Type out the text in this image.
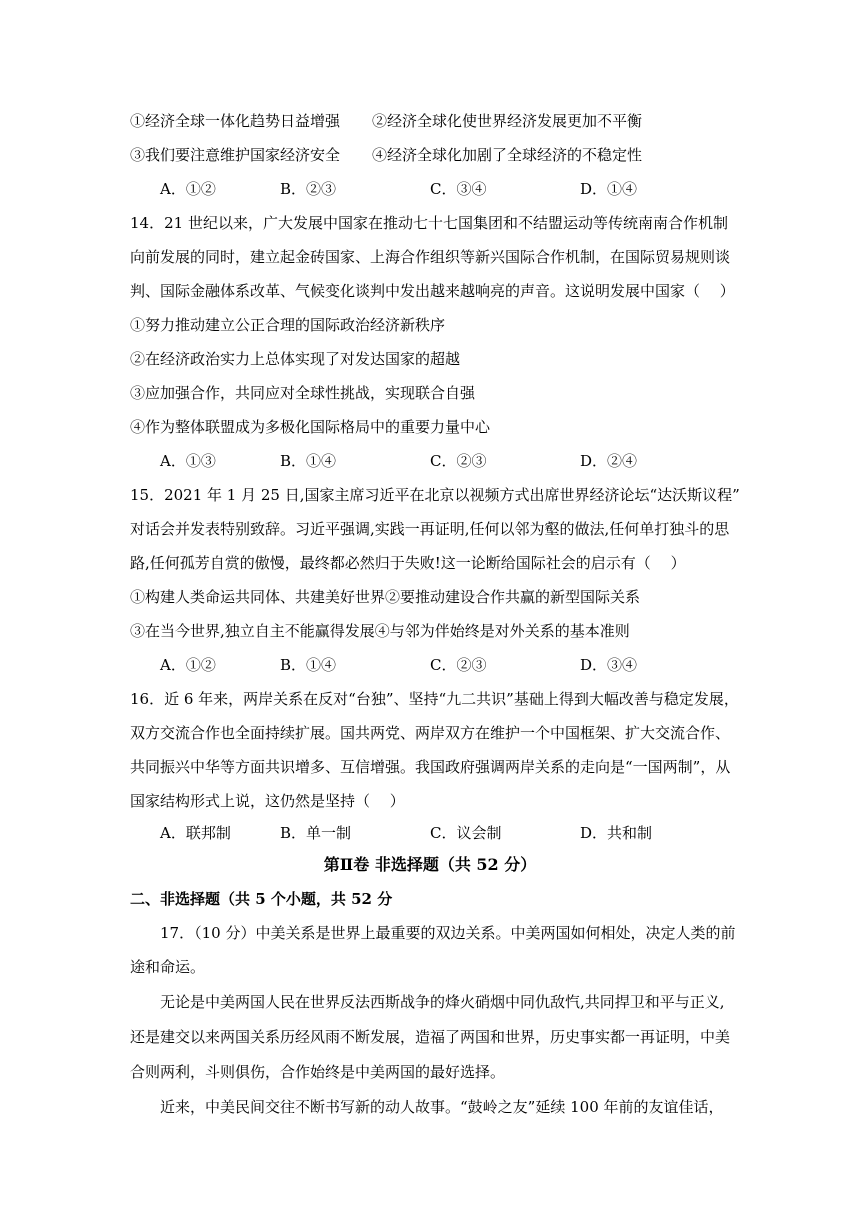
①经济全球一体化趋势日益增强 ②经济全球化使世界经济发展更加不平衡
③我们要注意维护国家经济安全 ④经济全球化加剧了全球经济的不稳定性
A．①②	B．②③	C．③④	D．①④
14．21 世纪以来，广大发展中国家在推动七十七国集团和不结盟运动等传统南南合作机制
向前发展的同时，建立起金砖国家、上海合作组织等新兴国际合作机制，在国际贸易规则谈
判、国际金融体系改革、气候变化谈判中发出越来越响亮的声音。这说明发展中国家（　 ）
①努力推动建立公正合理的国际政治经济新秩序
②在经济政治实力上总体实现了对发达国家的超越
③应加强合作，共同应对全球性挑战，实现联合自强
④作为整体联盟成为多极化国际格局中的重要力量中心
A．①③	B．①④	C．②③	D．②④
15．2021 年 1 月 25 日,国家主席习近平在北京以视频方式出席世界经济论坛“达沃斯议程”
对话会并发表特别致辞。习近平强调,实践一再证明,任何以邻为壑的做法,任何单打独斗的思
路,任何孤芳自赏的傲慢，最终都必然归于失败!这一论断给国际社会的启示有（　 ）
①构建人类命运共同体、共建美好世界②要推动建设合作共赢的新型国际关系
③在当今世界,独立自主不能赢得发展④与邻为伴始终是对外关系的基本准则
A．①②	B．①④	C．②③	D．③④
16．近 6 年来，两岸关系在反对“台独”、坚持“九二共识”基础上得到大幅改善与稳定发展，
双方交流合作也全面持续扩展。国共两党、两岸双方在维护一个中国框架、扩大交流合作、
共同振兴中华等方面共识增多、互信增强。我国政府强调两岸关系的走向是“一国两制”，从
国家结构形式上说，这仍然是坚持（　 ）
A．联邦制	B．单一制	C．议会制	D．共和制
第Ⅱ卷 非选择题（共 52 分）
二、非选择题（共 5 个小题，共 52 分
17．（10 分）中美关系是世界上最重要的双边关系。中美两国如何相处，决定人类的前
途和命运。
无论是中美两国人民在世界反法西斯战争的烽火硝烟中同仇敌忾,共同捍卫和平与正义,
还是建交以来两国关系历经风雨不断发展，造福了两国和世界，历史事实都一再证明，中美
合则两利，斗则俱伤，合作始终是中美两国的最好选择。
近来，中美民间交往不断书写新的动人故事。“鼓岭之友”延续 100 年前的友谊佳话，
